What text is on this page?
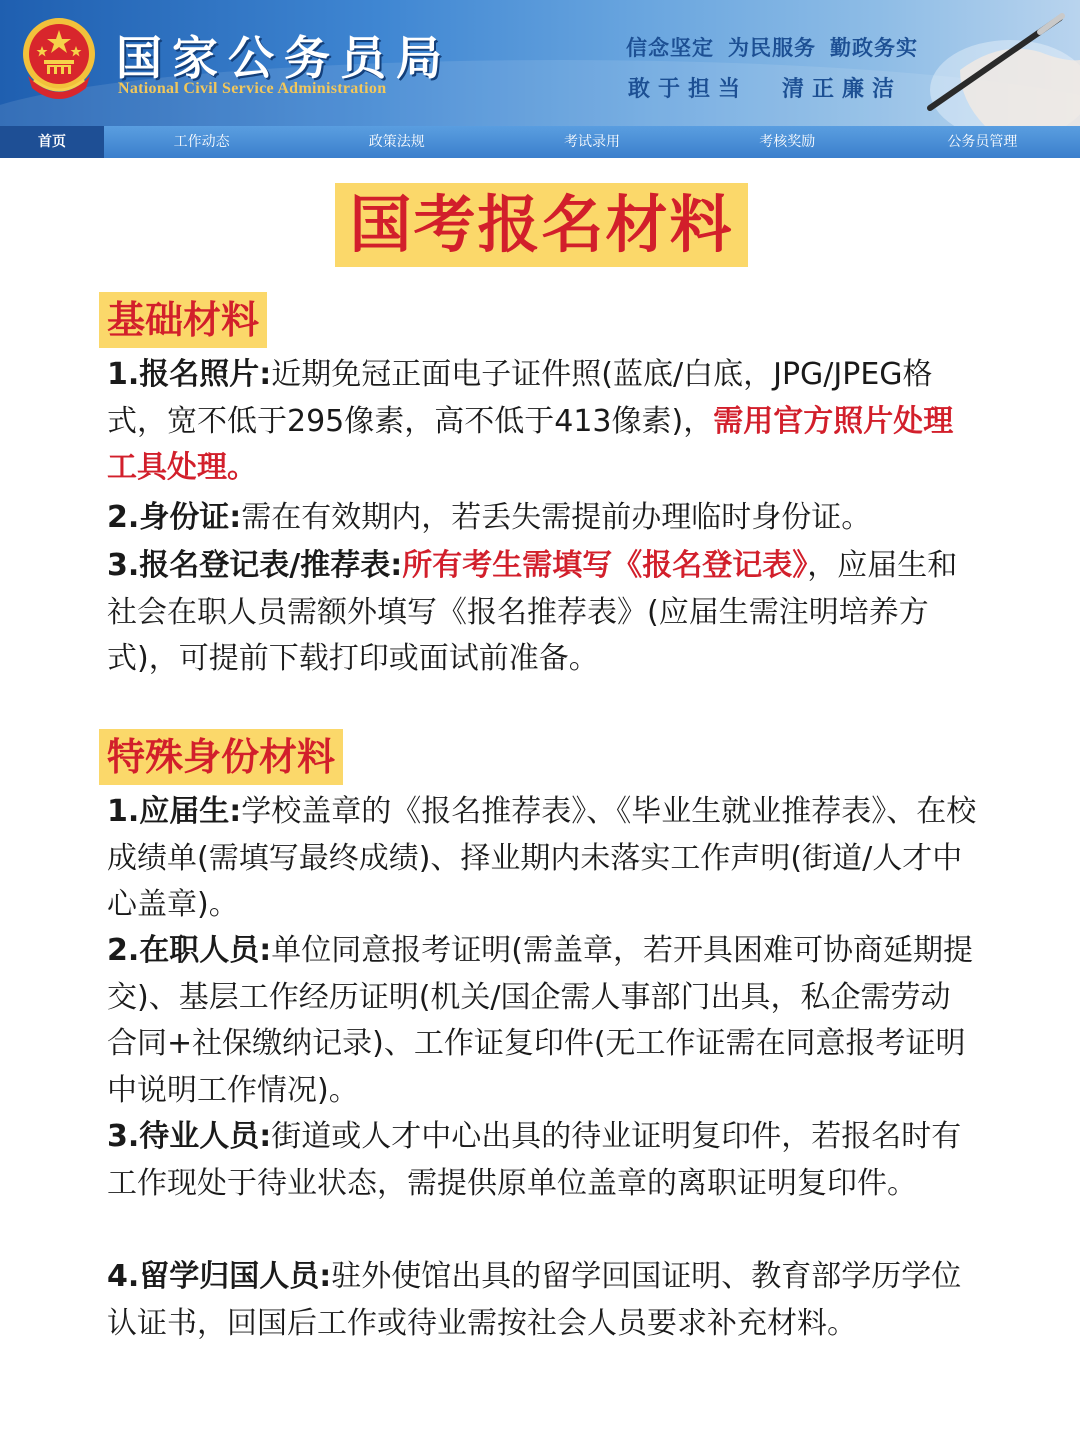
国家公务员局
National Civil Service Administration
信念坚定 为民服务 勤政务实
敢于担当 清正廉洁
首页	工作动态	政策法规	考试录用	考核奖励	公务员管理
国考报名材料
基础材料

1.报名照片:近期免冠正面电子证件照(蓝底/白底，JPG/JPEG格式，宽不低于295像素，高不低于413像素)，需用官方照片处理工具处理。

2.身份证:需在有效期内，若丢失需提前办理临时身份证。

3.报名登记表/推荐表:所有考生需填写《报名登记表》，应届生和社会在职人员需额外填写《报名推荐表》(应届生需注明培养方式)，可提前下载打印或面试前准备。

特殊身份材料

1.应届生:学校盖章的《报名推荐表》、《毕业生就业推荐表》、在校成绩单(需填写最终成绩)、择业期内未落实工作声明(街道/人才中心盖章)。

2.在职人员:单位同意报考证明(需盖章，若开具困难可协商延期提交)、基层工作经历证明(机关/国企需人事部门出具，私企需劳动合同+社保缴纳记录)、工作证复印件(无工作证需在同意报考证明中说明工作情况)。

3.待业人员:街道或人才中心出具的待业证明复印件，若报名时有工作现处于待业状态，需提供原单位盖章的离职证明复印件。

4.留学归国人员:驻外使馆出具的留学回国证明、教育部学历学位认证书，回国后工作或待业需按社会人员要求补充材料。
